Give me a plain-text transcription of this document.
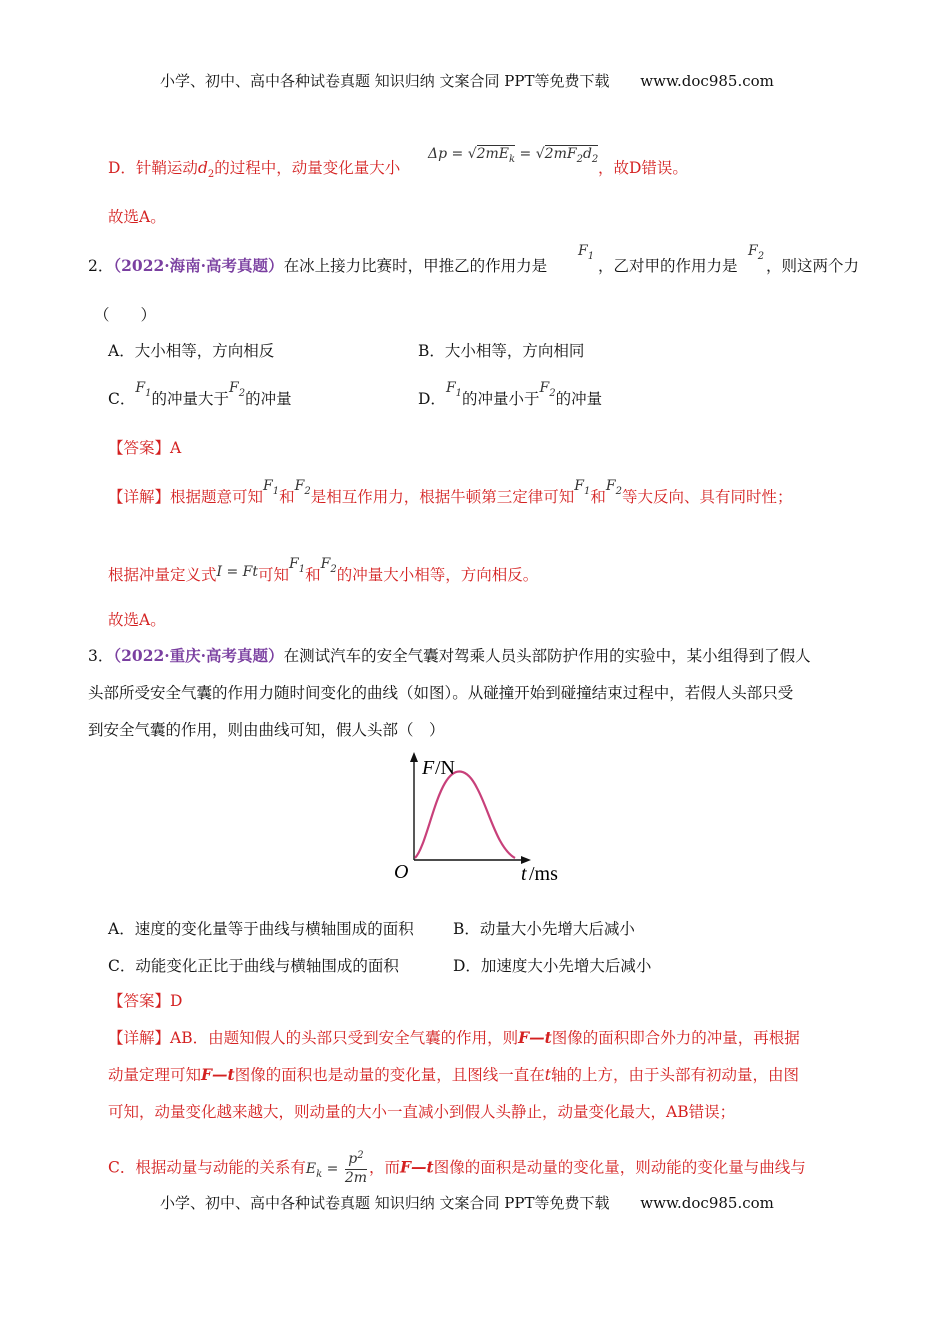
小学、初中、高中各种试卷真题 知识归纳 文案合同 PPT等免费下载 www.doc985.com
D．针鞘运动$d_2$的过程中，动量变化量大小
$\Delta p = √2mE_k = √2mF_2d_2$ ，故D错误。
故选A。
2．（2022·海南·高考真题）在冰上接力比赛时，甲推乙的作用力是
$F_1$
，乙对甲的作用力是
$F_2$
，则这两个力
（　　）
A．大小相等，方向相反	B．大小相等，方向相同
C．$F_1$的冲量大于$F_2$的冲量	D．$F_1$的冲量小于$F_2$的冲量
【答案】A
【详解】根据题意可知$F_1$和$F_2$是相互作用力，根据牛顿第三定律可知$F_1$和$F_2$等大反向、具有同时性；
根据冲量定义式I = Ft可知$F_1$和$F_2$的冲量大小相等，方向相反。
故选A。
3．（2022·重庆·高考真题）在测试汽车的安全气囊对驾乘人员头部防护作用的实验中，某小组得到了假人
头部所受安全气囊的作用力随时间变化的曲线（如图）。从碰撞开始到碰撞结束过程中，若假人头部只受
到安全气囊的作用，则由曲线可知，假人头部（　）
F /N
O	t /ms
A．速度的变化量等于曲线与横轴围成的面积	B．动量大小先增大后减小
C．动能变化正比于曲线与横轴围成的面积	D．加速度大小先增大后减小
【答案】D
【详解】AB．由题知假人的头部只受到安全气囊的作用，则F—t图像的面积即合外力的冲量，再根据
动量定理可知F—t图像的面积也是动量的变化量，且图线一直在t轴的上方，由于头部有初动量，由图
可知，动量变化越来越大，则动量的大小一直减小到假人头静止，动量变化最大，AB错误；
C．根据动量与动能的关系有$E_k = \frac{p^2}{2m}$ ，而F—t图像的面积是动量的变化量，则动能的变化量与曲线与
小学、初中、高中各种试卷真题 知识归纳 文案合同 PPT等免费下载 www.doc985.com
